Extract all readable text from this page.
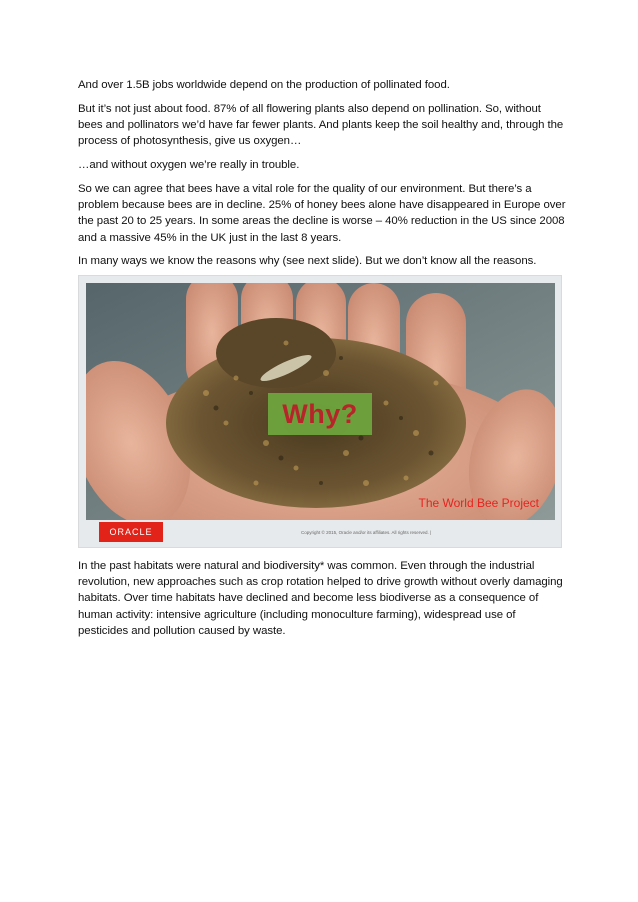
And over 1.5B jobs worldwide depend on the production of pollinated food.

But it’s not just about food. 87% of all flowering plants also depend on pollination. So, without bees and pollinators we’d have far fewer plants. And plants keep the soil healthy and, through the process of photosynthesis, give us oxygen…

…and without oxygen we’re really in trouble.

So we can agree that bees have a vital role for the quality of our environment. But there’s a problem because bees are in decline. 25% of honey bees alone have disappeared in Europe over the past 20 to 25 years. In some areas the decline is worse – 40% reduction in the US since 2008 and a massive 45% in the UK just in the last 8 years.

In many ways we know the reasons why (see next slide). But we don’t know all the reasons.

Why?
The World Bee Project
ORACLE	Copyright © 2015, Oracle and/or its affiliates. All rights reserved. |

In the past habitats were natural and biodiversity* was common. Even through the industrial revolution, new approaches such as crop rotation helped to drive growth without overly damaging habitats. Over time habitats have declined and become less biodiverse as a consequence of human activity: intensive agriculture (including monoculture farming), widespread use of pesticides and pollution caused by waste.
